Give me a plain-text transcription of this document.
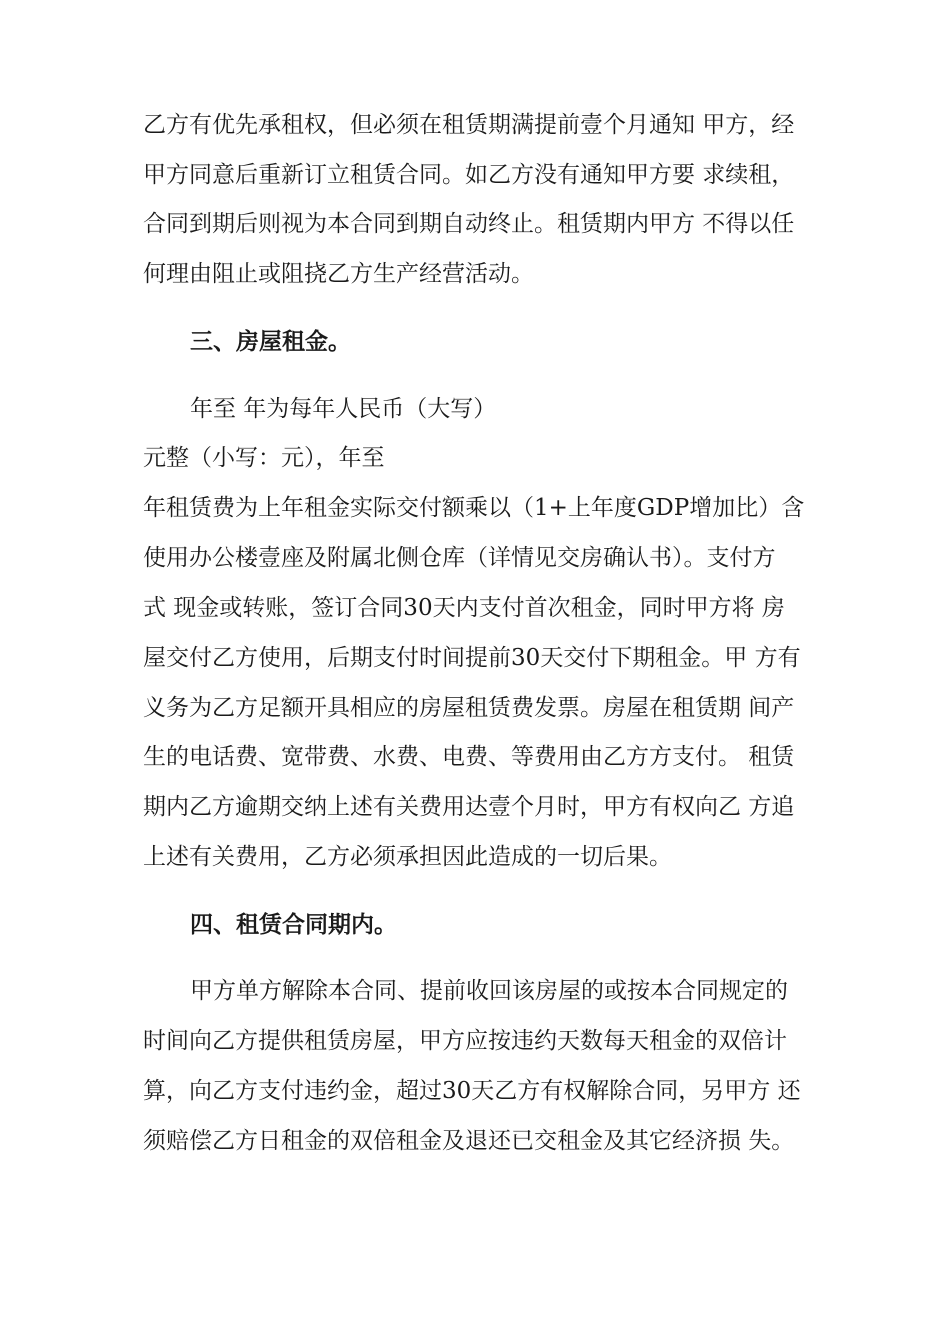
乙方有优先承租权，但必须在租赁期满提前壹个月通知 甲方，经
甲方同意后重新订立租赁合同。如乙方没有通知甲方要 求续租，
合同到期后则视为本合同到期自动终止。租赁期内甲方 不得以任
何理由阻止或阻挠乙方生产经营活动。
三、房屋租金。
年至 年为每年人民币（大写）
元整（小写：元），年至
年租赁费为上年租金实际交付额乘以（1+上年度GDP增加比）含
使用办公楼壹座及附属北侧仓库（详情见交房确认书）。支付方
式 现金或转账，签订合同30天内支付首次租金，同时甲方将 房
屋交付乙方使用，后期支付时间提前30天交付下期租金。甲 方有
义务为乙方足额开具相应的房屋租赁费发票。房屋在租赁期 间产
生的电话费、宽带费、水费、电费、等费用由乙方方支付。 租赁
期内乙方逾期交纳上述有关费用达壹个月时，甲方有权向乙 方追
上述有关费用，乙方必须承担因此造成的一切后果。
四、租赁合同期内。
甲方单方解除本合同、提前收回该房屋的或按本合同规定的
时间向乙方提供租赁房屋，甲方应按违约天数每天租金的双倍计
算，向乙方支付违约金，超过30天乙方有权解除合同，另甲方 还
须赔偿乙方日租金的双倍租金及退还已交租金及其它经济损 失。
